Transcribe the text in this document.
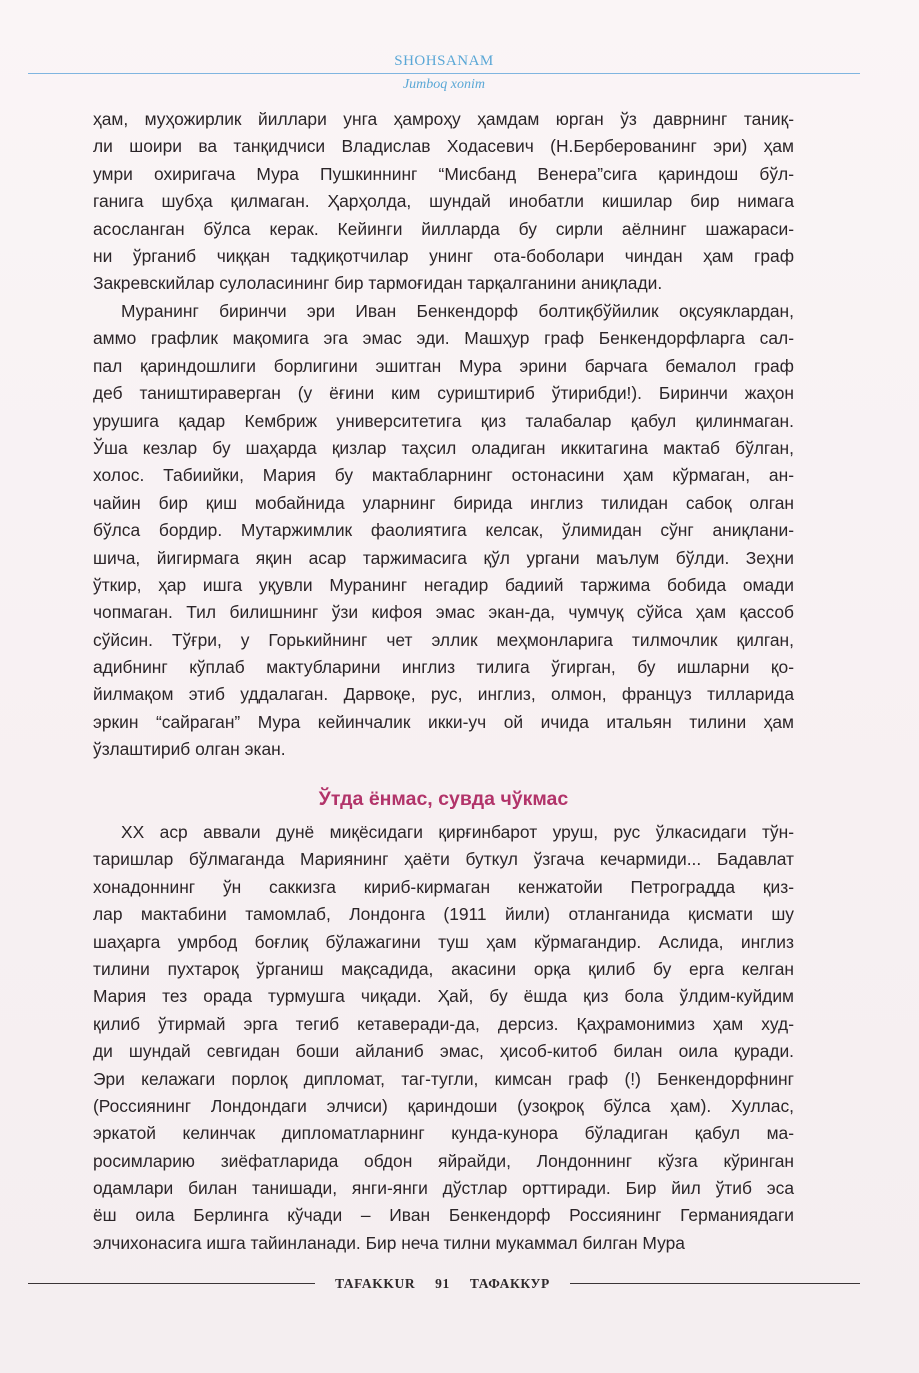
SHOHSANAM
Jumboq xonim
ҳам, муҳожирлик йиллари унга ҳамроҳу ҳамдам юрган ўз даврнинг таниқ-
ли шоири ва танқидчиси Владислав Ходасевич (Н.Берберованинг эри) ҳам
умри охиригача Мура Пушкиннинг “Мисбанд Венера”сига қариндош бўл-
ганига шубҳа қилмаган. Ҳарҳолда, шундай инобатли кишилар бир нимага
асосланган бўлса керак. Кейинги йилларда бу сирли аёлнинг шажараси-
ни ўрганиб чиққан тадқиқотчилар унинг ота-боболари чиндан ҳам граф
Закревскийлар сулоласининг бир тармоғидан тарқалганини аниқлади.
Муранинг биринчи эри Иван Бенкендорф болтиқбўйилик оқсуяклардан,
аммо графлик мақомига эга эмас эди. Машҳур граф Бенкендорфларга сал-
пал қариндошлиги борлигини эшитган Мура эрини барчага бемалол граф
деб таништираверган (у ёғини ким суриштириб ўтирибди!). Биринчи жаҳон
урушига қадар Кембриж университетига қиз талабалар қабул қилинмаган.
Ўша кезлар бу шаҳарда қизлар таҳсил оладиган иккитагина мактаб бўлган,
холос. Табиийки, Мария бу мактабларнинг остонасини ҳам кўрмаган, ан-
чайин бир қиш мобайнида уларнинг бирида инглиз тилидан сабоқ олган
бўлса бордир. Мутаржимлик фаолиятига келсак, ўлимидан сўнг аниқлани-
шича, йигирмага яқин асар таржимасига қўл ургани маълум бўлди. Зеҳни
ўткир, ҳар ишга уқувли Муранинг негадир бадиий таржима бобида омади
чопмаган. Тил билишнинг ўзи кифоя эмас экан-да, чумчуқ сўйса ҳам қассоб
сўйсин. Тўғри, у Горькийнинг чет эллик меҳмонларига тилмочлик қилган,
адибнинг кўплаб мактубларини инглиз тилига ўгирган, бу ишларни қо-
йилмақом этиб уддалаган. Дарвоқе, рус, инглиз, олмон, француз тилларида
эркин “сайраган” Мура кейинчалик икки-уч ой ичида итальян тилини ҳам
ўзлаштириб олган экан.
Ўтда ёнмас, сувда чўкмас
XX аср аввали дунё миқёсидаги қирғинбарот уруш, рус ўлкасидаги тўн-
таришлар бўлмаганда Мариянинг ҳаёти буткул ўзгача кечармиди... Бадавлат
хонадоннинг ўн саккизга кириб-кирмаган кенжатойи Петроградда қиз-
лар мактабини тамомлаб, Лондонга (1911 йили) отланганида қисмати шу
шаҳарга умрбод боғлиқ бўлажагини туш ҳам кўрмагандир. Аслида, инглиз
тилини пухтароқ ўрганиш мақсадида, акасини орқа қилиб бу ерга келган
Мария тез орада турмушга чиқади. Ҳай, бу ёшда қиз бола ўлдим-куйдим
қилиб ўтирмай эрга тегиб кетаверади-да, дерсиз. Қаҳрамонимиз ҳам худ-
ди шундай севгидан боши айланиб эмас, ҳисоб-китоб билан оила қуради.
Эри келажаги порлоқ дипломат, таг-тугли, кимсан граф (!) Бенкендорфнинг
(Россиянинг Лондондаги элчиси) қариндоши (узоқроқ бўлса ҳам). Хуллас,
эркатой келинчак дипломатларнинг кунда-кунора бўладиган қабул ма-
росимларию зиёфатларида обдон яйрайди, Лондоннинг кўзга кўринган
одамлари билан танишади, янги-янги дўстлар орттиради. Бир йил ўтиб эса
ёш оила Берлинга кўчади – Иван Бенкендорф Россиянинг Германиядаги
элчихонасига ишга тайинланади. Бир неча тилни мукаммал билган Мура
TAFAKKUR 91 ТАФАККУР
